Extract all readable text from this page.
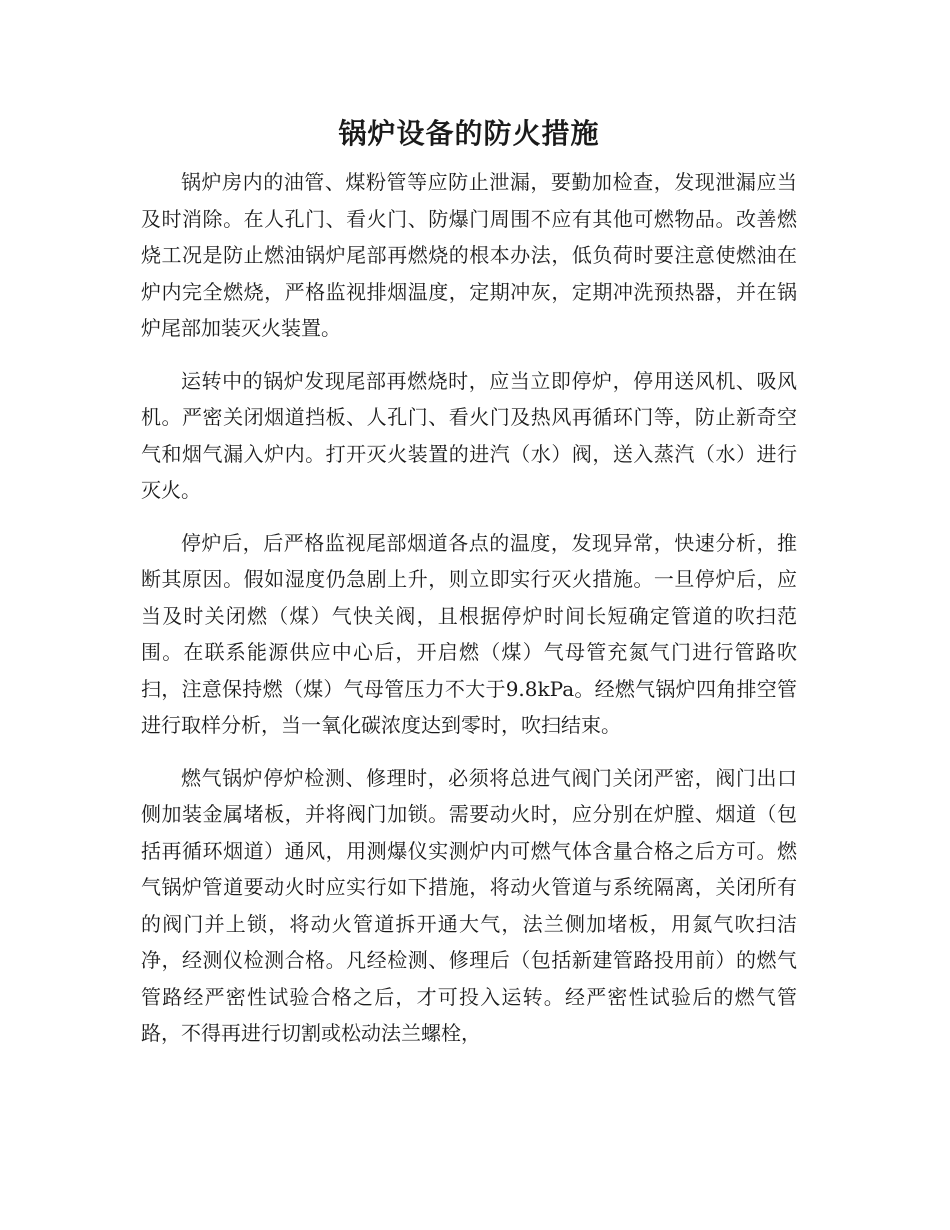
锅炉设备的防火措施

锅炉房内的油管、煤粉管等应防止泄漏，要勤加检查，发现泄漏应当及时消除。在人孔门、看火门、防爆门周围不应有其他可燃物品。改善燃烧工况是防止燃油锅炉尾部再燃烧的根本办法，低负荷时要注意使燃油在炉内完全燃烧，严格监视排烟温度，定期冲灰，定期冲洗预热器，并在锅炉尾部加装灭火装置。

运转中的锅炉发现尾部再燃烧时，应当立即停炉，停用送风机、吸风机。严密关闭烟道挡板、人孔门、看火门及热风再循环门等，防止新奇空气和烟气漏入炉内。打开灭火装置的进汽（水）阀，送入蒸汽（水）进行灭火。

停炉后，后严格监视尾部烟道各点的温度，发现异常，快速分析，推断其原因。假如湿度仍急剧上升，则立即实行灭火措施。一旦停炉后，应当及时关闭燃（煤）气快关阀，且根据停炉时间长短确定管道的吹扫范围。在联系能源供应中心后，开启燃（煤）气母管充氮气门进行管路吹扫，注意保持燃（煤）气母管压力不大于9.8kPa。经燃气锅炉四角排空管进行取样分析，当一氧化碳浓度达到零时，吹扫结束。

燃气锅炉停炉检测、修理时，必须将总进气阀门关闭严密，阀门出口侧加装金属堵板，并将阀门加锁。需要动火时，应分别在炉膛、烟道（包括再循环烟道）通风，用测爆仪实测炉内可燃气体含量合格之后方可。燃气锅炉管道要动火时应实行如下措施，将动火管道与系统隔离，关闭所有的阀门并上锁，将动火管道拆开通大气，法兰侧加堵板，用氮气吹扫洁净，经测仪检测合格。凡经检测、修理后（包括新建管路投用前）的燃气管路经严密性试验合格之后，才可投入运转。经严密性试验后的燃气管路，不得再进行切割或松动法兰螺栓，
